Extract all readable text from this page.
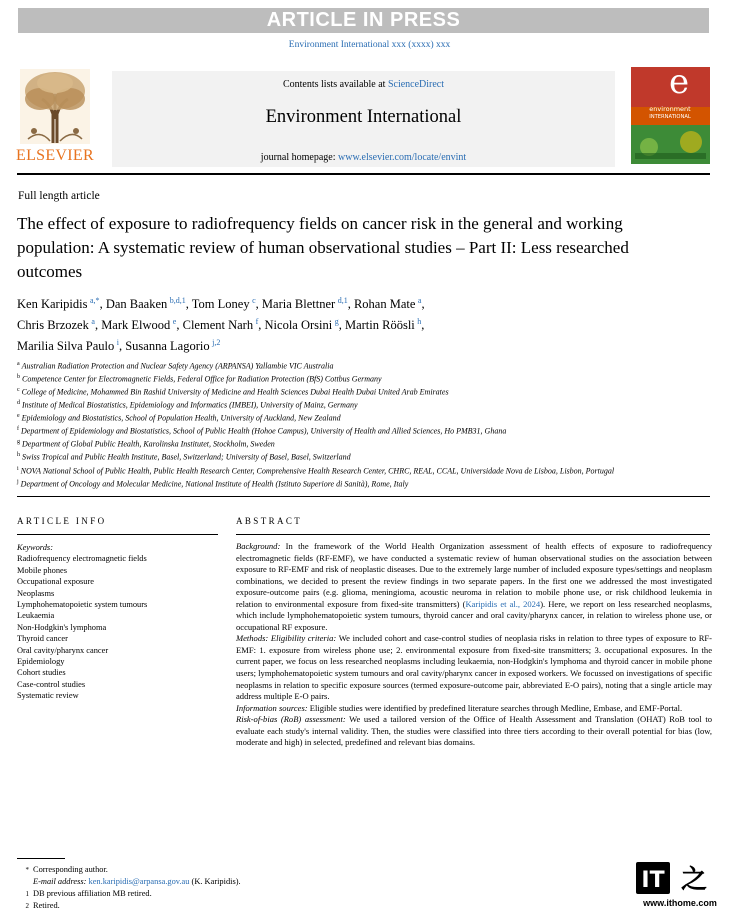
ARTICLE IN PRESS
Environment International xxx (xxxx) xxx
ELSEVIER
Contents lists available at ScienceDirect
Environment International
journal homepage: www.elsevier.com/locate/envint
e
environment
INTERNATIONAL
Full length article
The effect of exposure to radiofrequency fields on cancer risk in the general and working population: A systematic review of human observational studies – Part II: Less researched outcomes
Ken Karipidis  $^{a,*}$, Dan Baaken  $^{b,d,1}$, Tom Loney  $^c$, Maria Blettner  $^{d,1}$, Rohan Mate  $^a$,
Chris Brzozek  $^a$, Mark Elwood  $^e$, Clement Narh  $^f$, Nicola Orsini  $^g$, Martin Röösli  $^h$,
Marilia Silva Paulo  $^i$, Susanna Lagorio  $^{j,2}$
$^a$ Australian Radiation Protection and Nuclear Safety Agency (ARPANSA) Yallambie VIC Australia
$^b$ Competence Center for Electromagnetic Fields, Federal Office for Radiation Protection (BfS) Cottbus Germany
$^c$ College of Medicine, Mohammed Bin Rashid University of Medicine and Health Sciences Dubai Health Dubai United Arab Emirates
$^d$ Institute of Medical Biostatistics, Epidemiology and Informatics (IMBEI), University of Mainz, Germany
$^e$ Epidemiology and Biostatistics, School of Population Health, University of Auckland, New Zealand
$^f$ Department of Epidemiology and Biostatistics, School of Public Health (Hohoe Campus), University of Health and Allied Sciences, Ho PMB31, Ghana
$^g$ Department of Global Public Health, Karolinska Institutet, Stockholm, Sweden
$^h$ Swiss Tropical and Public Health Institute, Basel, Switzerland; University of Basel, Basel, Switzerland
$^i$ NOVA National School of Public Health, Public Health Research Center, Comprehensive Health Research Center, CHRC, REAL, CCAL, Universidade Nova de Lisboa, Lisbon, Portugal
$^j$ Department of Oncology and Molecular Medicine, National Institute of Health (Istituto Superiore di Sanità), Rome, Italy
ARTICLE INFO
Keywords:
Radiofrequency electromagnetic fields
Mobile phones
Occupational exposure
Neoplasms
Lymphohematopoietic system tumours
Leukaemia
Non-Hodgkin's lymphoma
Thyroid cancer
Oral cavity/pharynx cancer
Epidemiology
Cohort studies
Case-control studies
Systematic review
ABSTRACT
Background: In the framework of the World Health Organization assessment of health effects of exposure to radiofrequency electromagnetic fields (RF-EMF), we have conducted a systematic review of human observational studies on the association between exposure to RF-EMF and risk of neoplastic diseases. Due to the extremely large number of included exposure types/settings and neoplasm combinations, we decided to present the review findings in two separate papers. In the first one we addressed the most investigated exposure-outcome pairs (e.g. glioma, meningioma, acoustic neuroma in relation to mobile phone use, or risk childhood leukemia in relation to environmental exposure from fixed-site transmitters) (Karipidis et al., 2024). Here, we report on less researched neoplasms, which include lymphohematopoietic system tumours, thyroid cancer and oral cavity/pharynx cancer, in relation to wireless phone use, or occupational RF exposure.
Methods: Eligibility criteria: We included cohort and case-control studies of neoplasia risks in relation to three types of exposure to RF-EMF: 1. exposure from wireless phone use; 2. environmental exposure from fixed-site transmitters; 3. occupational exposures. In the current paper, we focus on less researched neoplasms including leukaemia, non-Hodgkin's lymphoma and thyroid cancer in mobile phone users; lymphohematopoietic system tumours and oral cavity/pharynx cancer in exposed workers. We focussed on investigations of specific neoplasms in relation to specific exposure sources (termed exposure-outcome pair, abbreviated E-O pairs), noting that a single article may address multiple E-O pairs.
Information sources: Eligible studies were identified by predefined literature searches through Medline, Embase, and EMF-Portal.
Risk-of-bias (RoB) assessment: We used a tailored version of the Office of Health Assessment and Translation (OHAT) RoB tool to evaluate each study's internal validity. Then, the studies were classified into three tiers according to their overall potential for bias (low, moderate and high) in selected, predefined and relevant bias domains.
* Corresponding author.
E-mail address: ken.karipidis@arpansa.gov.au (K. Karipidis).
1 DB previous affiliation MB retired.
2 Retired.
IT 之
www.ithome.com
